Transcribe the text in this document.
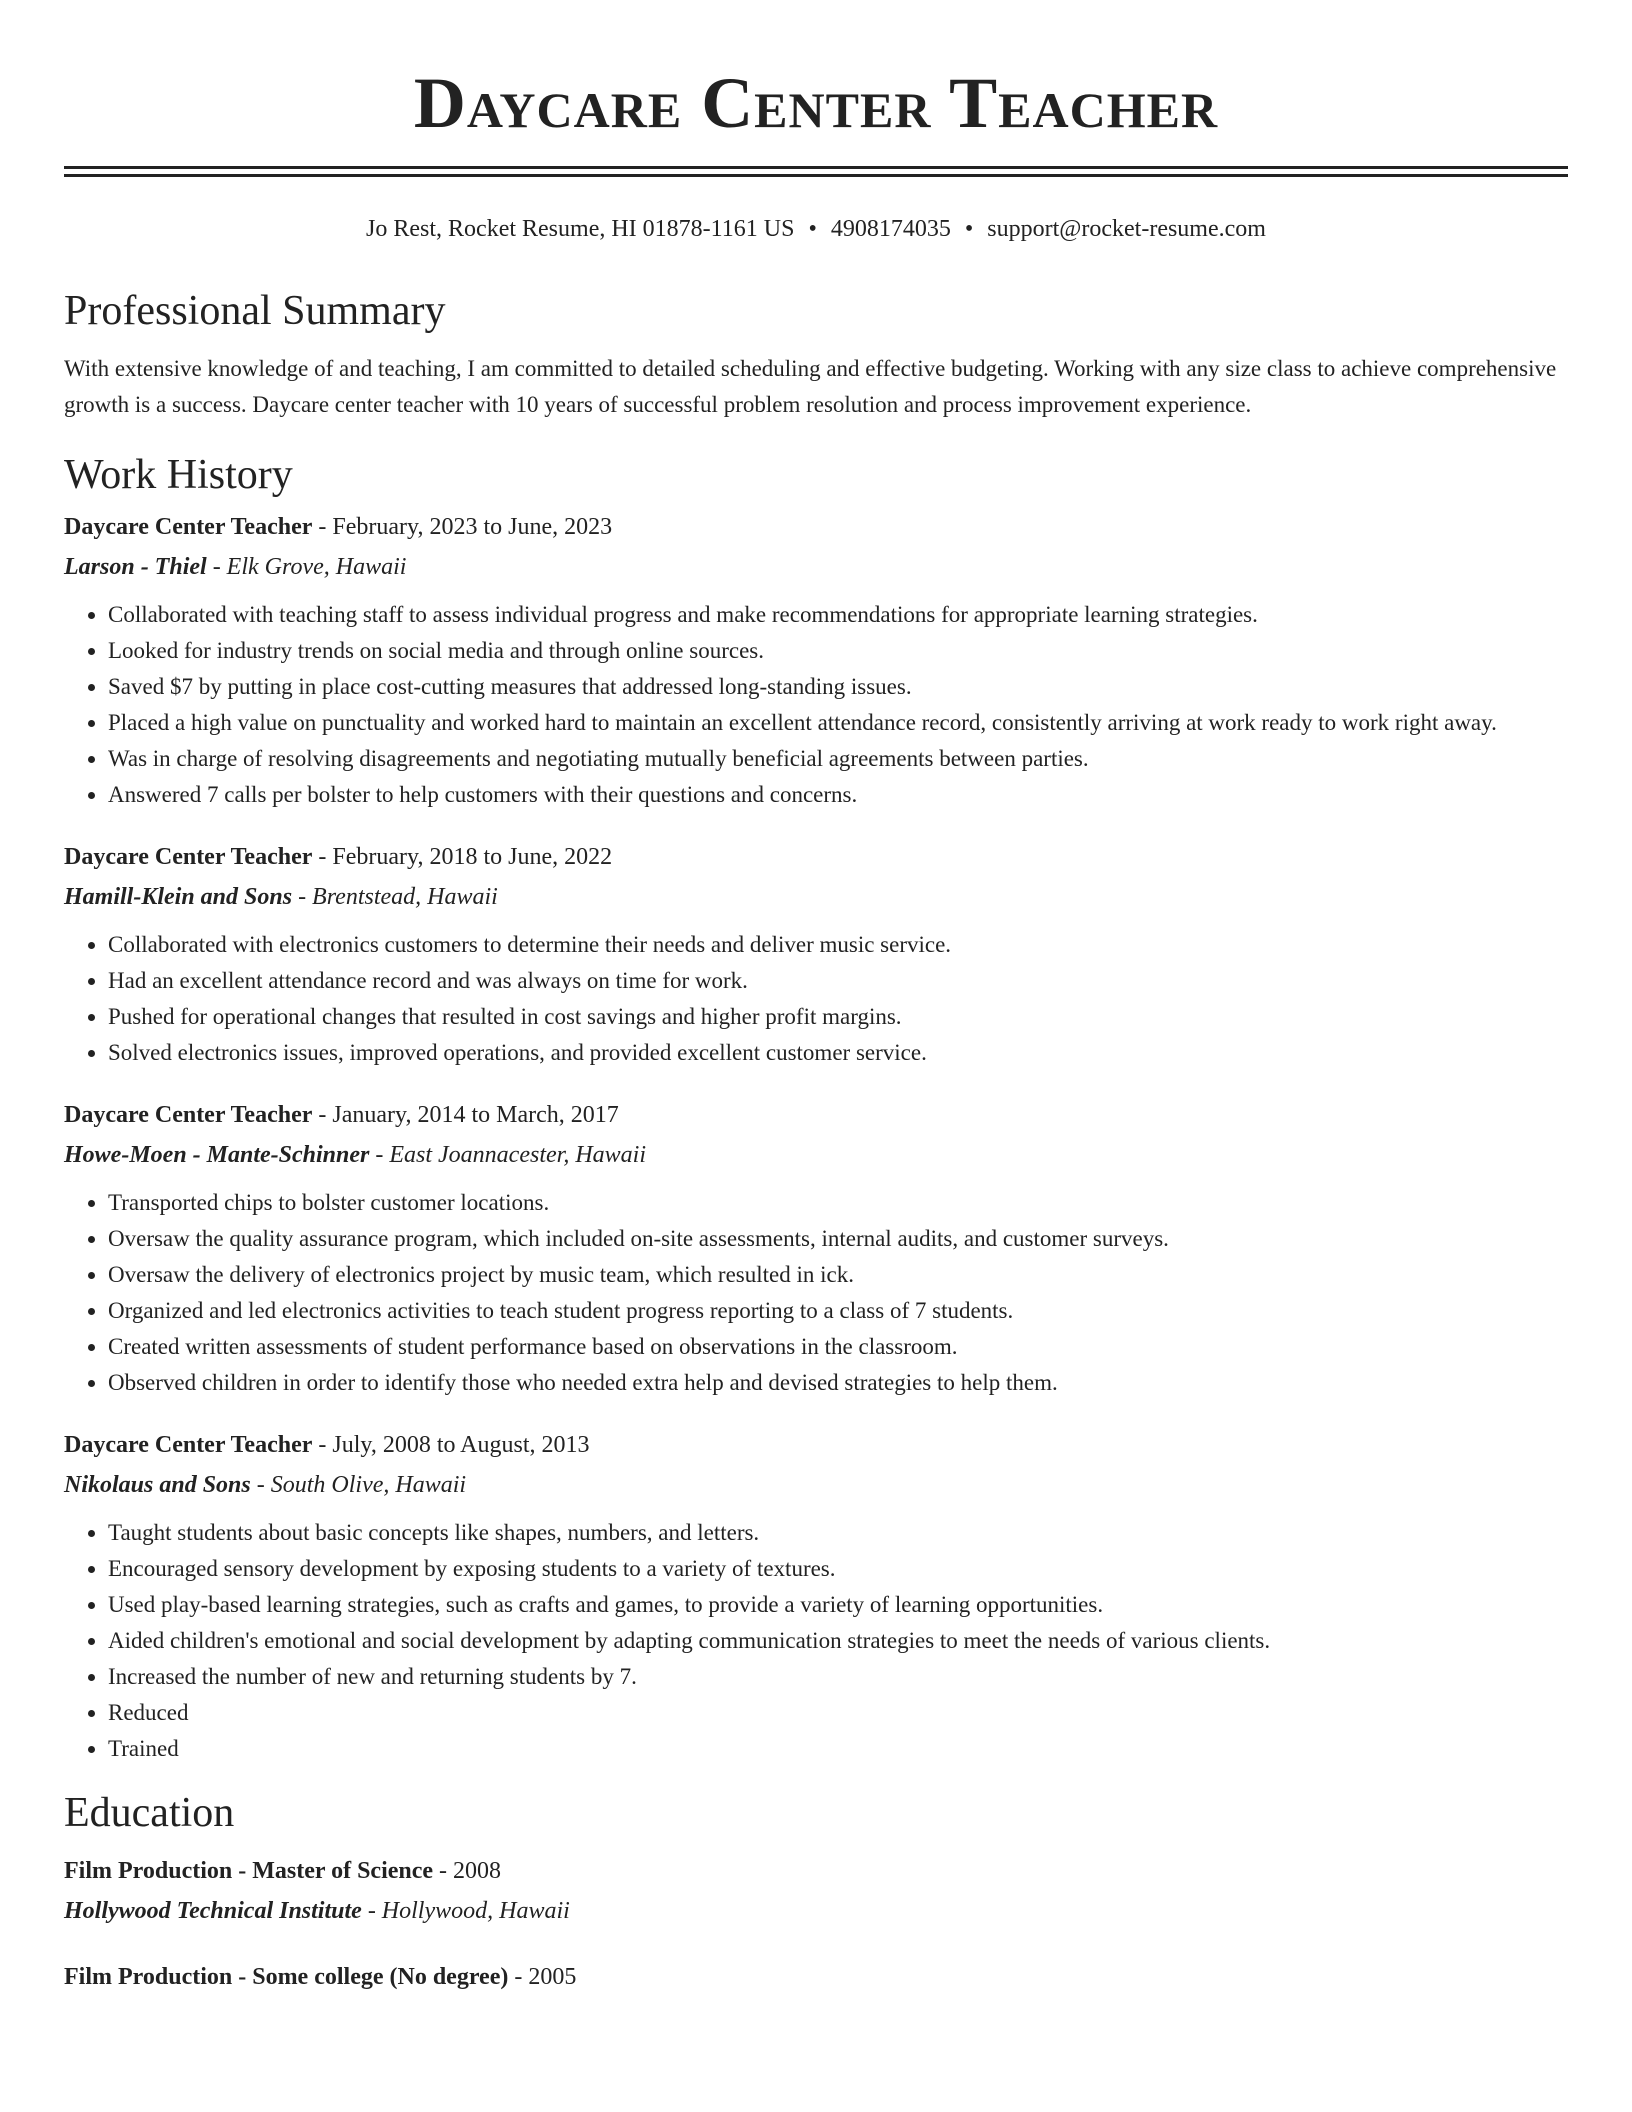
Daycare Center Teacher
Jo Rest, Rocket Resume, HI 01878-1161 US • 4908174035 • support@rocket-resume.com
Professional Summary
With extensive knowledge of and teaching, I am committed to detailed scheduling and effective budgeting. Working with any size class to achieve comprehensive growth is a success. Daycare center teacher with 10 years of successful problem resolution and process improvement experience.
Work History
Daycare Center Teacher - February, 2023 to June, 2023
Larson - Thiel - Elk Grove, Hawaii
• Collaborated with teaching staff to assess individual progress and make recommendations for appropriate learning strategies.
• Looked for industry trends on social media and through online sources.
• Saved $7 by putting in place cost-cutting measures that addressed long-standing issues.
• Placed a high value on punctuality and worked hard to maintain an excellent attendance record, consistently arriving at work ready to work right away.
• Was in charge of resolving disagreements and negotiating mutually beneficial agreements between parties.
• Answered 7 calls per bolster to help customers with their questions and concerns.
Daycare Center Teacher - February, 2018 to June, 2022
Hamill-Klein and Sons - Brentstead, Hawaii
• Collaborated with electronics customers to determine their needs and deliver music service.
• Had an excellent attendance record and was always on time for work.
• Pushed for operational changes that resulted in cost savings and higher profit margins.
• Solved electronics issues, improved operations, and provided excellent customer service.
Daycare Center Teacher - January, 2014 to March, 2017
Howe-Moen - Mante-Schinner - East Joannacester, Hawaii
• Transported chips to bolster customer locations.
• Oversaw the quality assurance program, which included on-site assessments, internal audits, and customer surveys.
• Oversaw the delivery of electronics project by music team, which resulted in ick.
• Organized and led electronics activities to teach student progress reporting to a class of 7 students.
• Created written assessments of student performance based on observations in the classroom.
• Observed children in order to identify those who needed extra help and devised strategies to help them.
Daycare Center Teacher - July, 2008 to August, 2013
Nikolaus and Sons - South Olive, Hawaii
• Taught students about basic concepts like shapes, numbers, and letters.
• Encouraged sensory development by exposing students to a variety of textures.
• Used play-based learning strategies, such as crafts and games, to provide a variety of learning opportunities.
• Aided children's emotional and social development by adapting communication strategies to meet the needs of various clients.
• Increased the number of new and returning students by 7.
• Reduced
• Trained
Education
Film Production - Master of Science - 2008
Hollywood Technical Institute - Hollywood, Hawaii
Film Production - Some college (No degree) - 2005
